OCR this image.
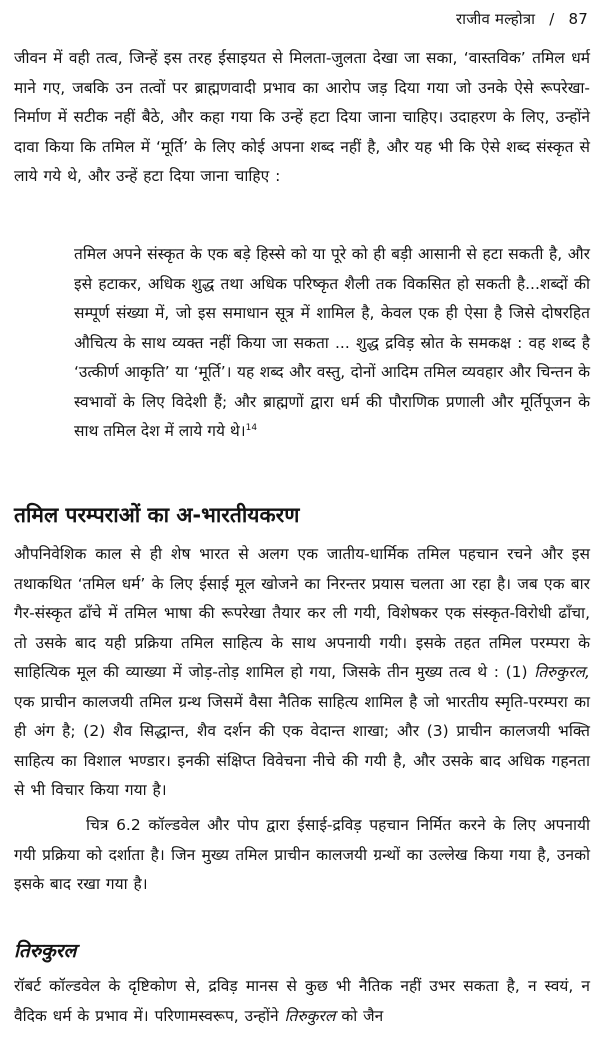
राजीव मल्होत्रा / 87

जीवन में वही तत्व, जिन्हें इस तरह ईसाइयत से मिलता-जुलता देखा जा सका, ‘वास्तविक’ तमिल धर्म माने गए, जबकि उन तत्वों पर ब्राह्मणवादी प्रभाव का आरोप जड़ दिया गया जो उनके ऐसे रूपरेखा-निर्माण में सटीक नहीं बैठे, और कहा गया कि उन्हें हटा दिया जाना चाहिए। उदाहरण के लिए, उन्होंने दावा किया कि तमिल में ‘मूर्ति’ के लिए कोई अपना शब्द नहीं है, और यह भी कि ऐसे शब्द संस्कृत से लाये गये थे, और उन्हें हटा दिया जाना चाहिए :

तमिल अपने संस्कृत के एक बड़े हिस्से को या पूरे को ही बड़ी आसानी से हटा सकती है, और इसे हटाकर, अधिक शुद्ध तथा अधिक परिष्कृत शैली तक विकसित हो सकती है...शब्दों की सम्पूर्ण संख्या में, जो इस समाधान सूत्र में शामिल है, केवल एक ही ऐसा है जिसे दोषरहित औचित्य के साथ व्यक्त नहीं किया जा सकता ... शुद्ध द्रविड़ स्रोत के समकक्ष : वह शब्द है ‘उत्कीर्ण आकृति’ या ‘मूर्ति’। यह शब्द और वस्तु, दोनों आदिम तमिल व्यवहार और चिन्तन के स्वभावों के लिए विदेशी हैं; और ब्राह्मणों द्वारा धर्म की पौराणिक प्रणाली और मूर्तिपूजन के साथ तमिल देश में लाये गये थे।$^{14}$

तमिल परम्पराओं का अ-भारतीयकरण

औपनिवेशिक काल से ही शेष भारत से अलग एक जातीय-धार्मिक तमिल पहचान रचने और इस तथाकथित ‘तमिल धर्म’ के लिए ईसाई मूल खोजने का निरन्तर प्रयास चलता आ रहा है। जब एक बार गैर-संस्कृत ढाँचे में तमिल भाषा की रूपरेखा तैयार कर ली गयी, विशेषकर एक संस्कृत-विरोधी ढाँचा, तो उसके बाद यही प्रक्रिया तमिल साहित्य के साथ अपनायी गयी। इसके तहत तमिल परम्परा के साहित्यिक मूल की व्याख्या में जोड़-तोड़ शामिल हो गया, जिसके तीन मुख्य तत्व थे : (1) तिरुकुरल, एक प्राचीन कालजयी तमिल ग्रन्थ जिसमें वैसा नैतिक साहित्य शामिल है जो भारतीय स्मृति-परम्परा का ही अंग है; (2) शैव सिद्धान्त, शैव दर्शन की एक वेदान्त शाखा; और (3) प्राचीन कालजयी भक्ति साहित्य का विशाल भण्डार। इनकी संक्षिप्त विवेचना नीचे की गयी है, और उसके बाद अधिक गहनता से भी विचार किया गया है।

चित्र 6.2 कॉल्डवेल और पोप द्वारा ईसाई-द्रविड़ पहचान निर्मित करने के लिए अपनायी गयी प्रक्रिया को दर्शाता है। जिन मुख्य तमिल प्राचीन कालजयी ग्रन्थों का उल्लेख किया गया है, उनको इसके बाद रखा गया है।

तिरुकुरल

रॉबर्ट कॉल्डवेल के दृष्टिकोण से, द्रविड़ मानस से कुछ भी नैतिक नहीं उभर सकता है, न स्वयं, न वैदिक धर्म के प्रभाव में। परिणामस्वरूप, उन्होंने तिरुकुरल को जैन
